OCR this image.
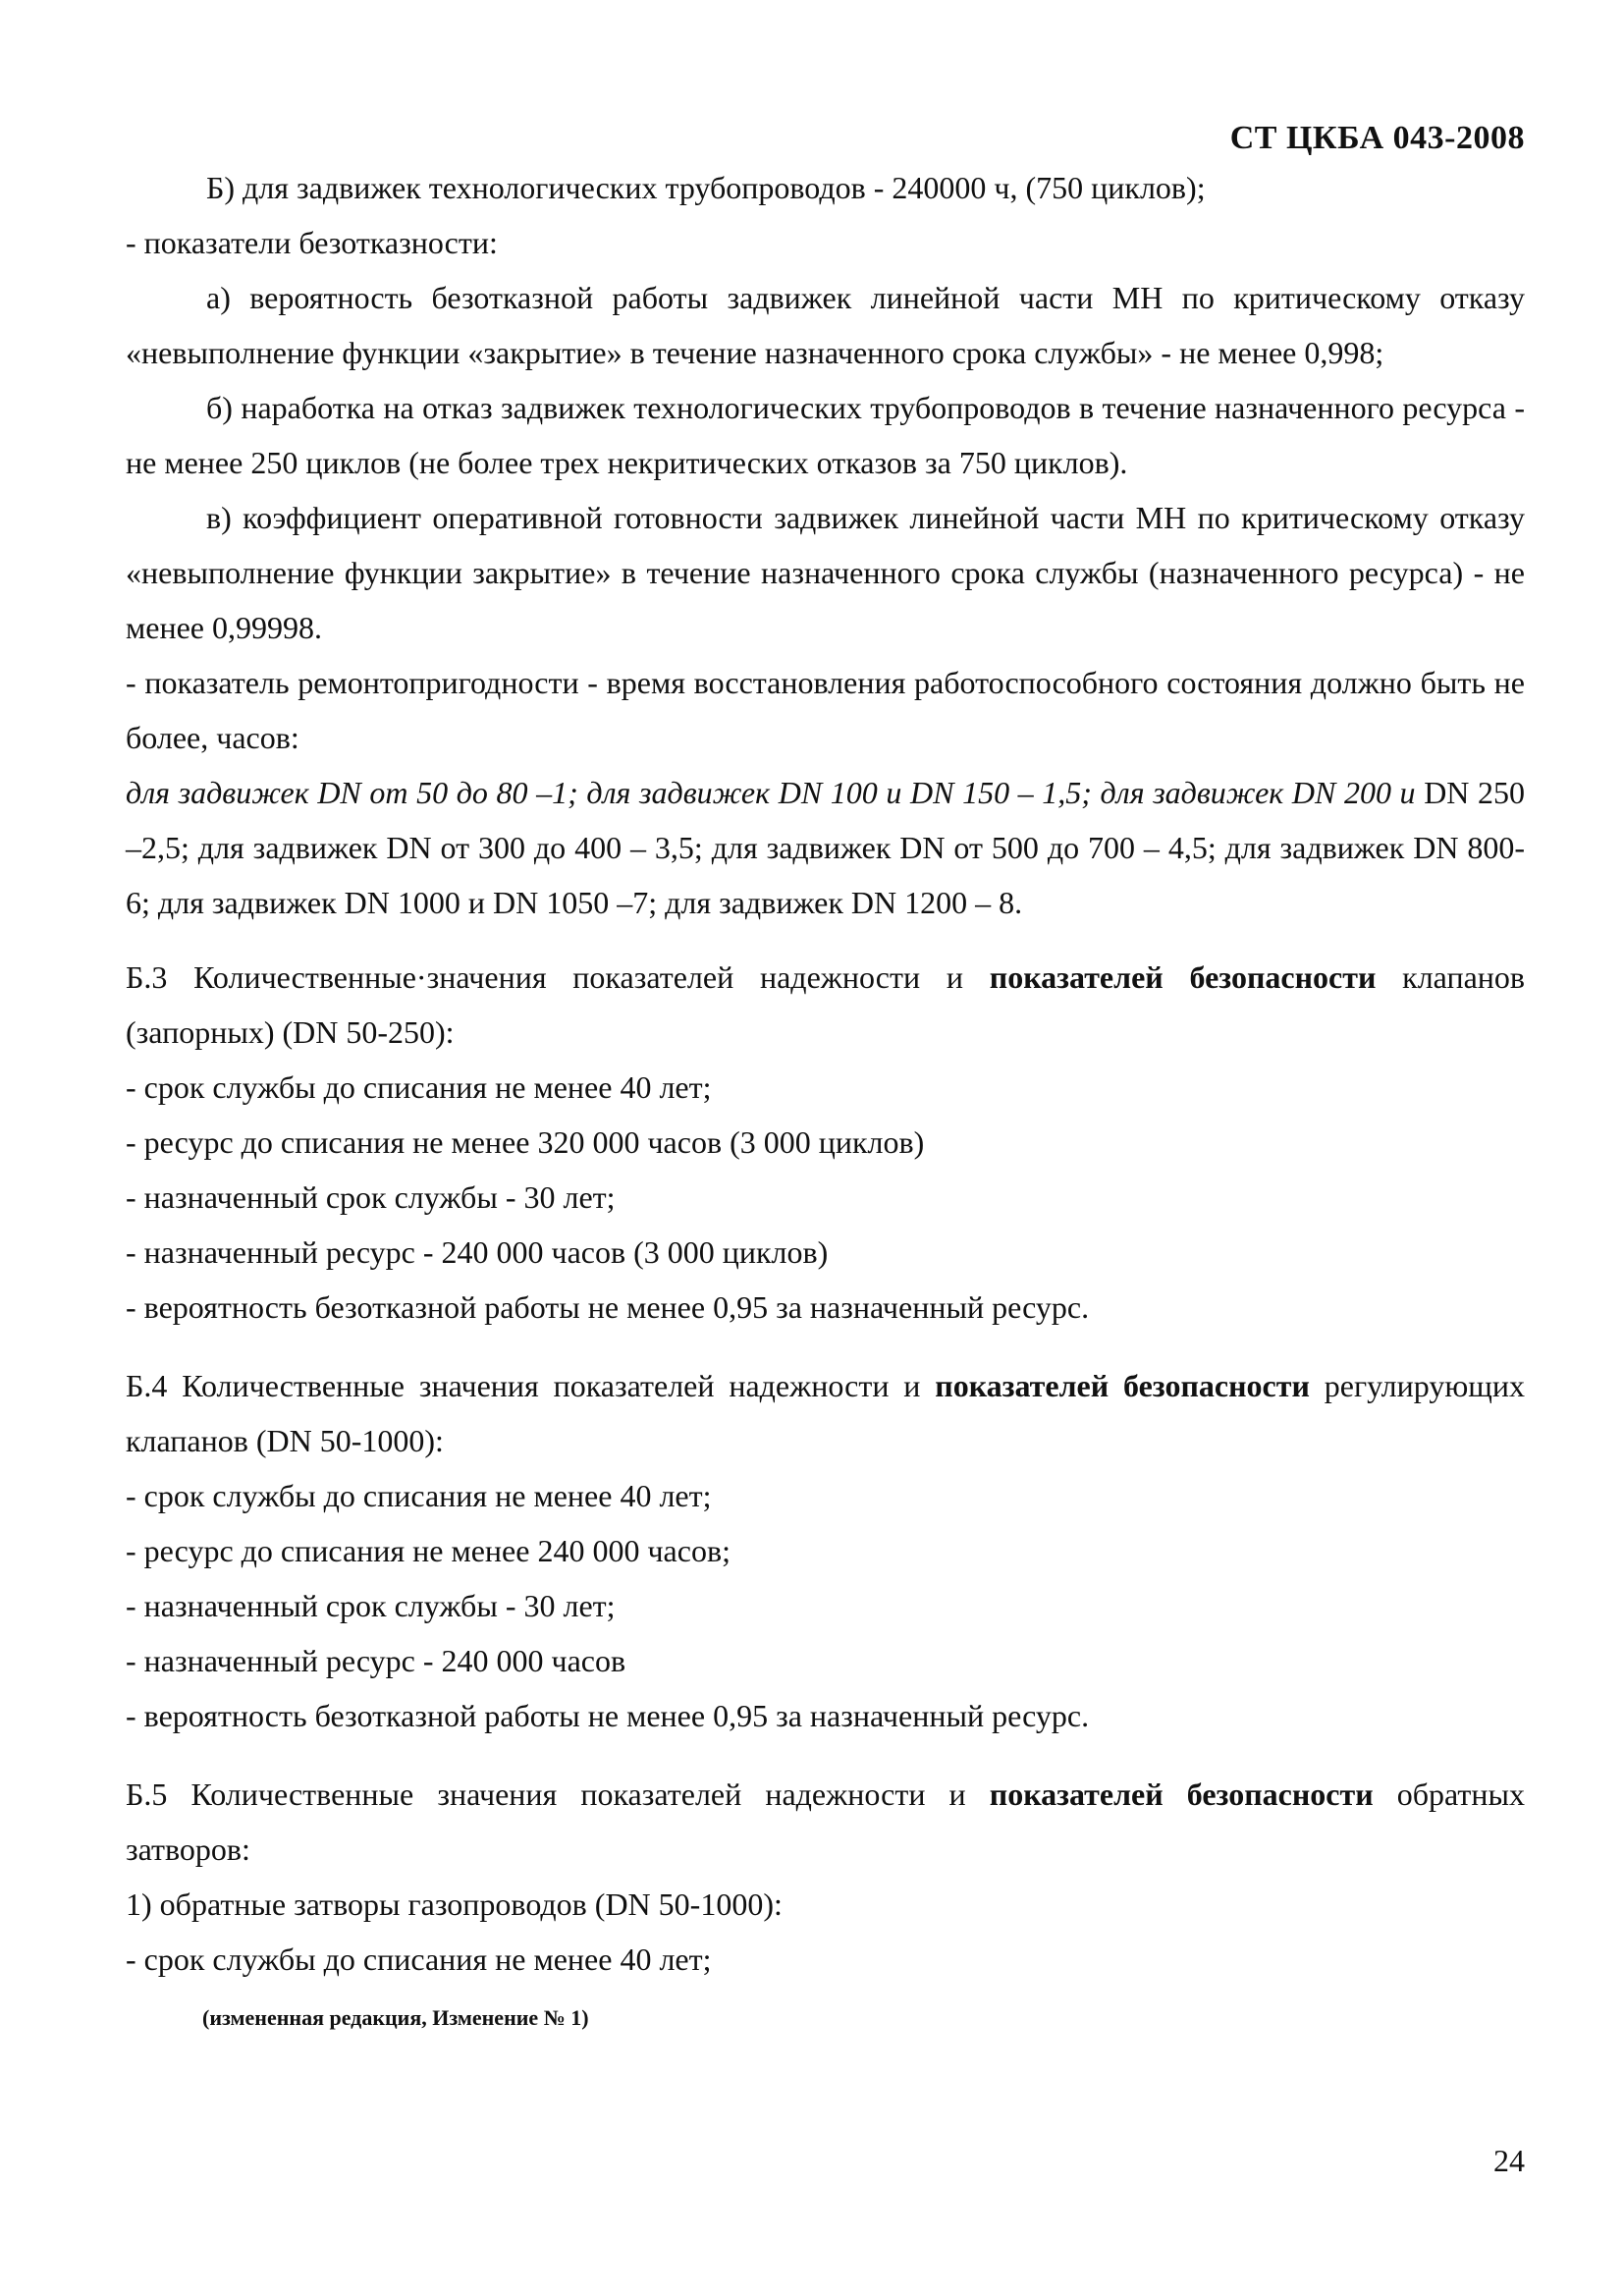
СТ ЦКБА 043-2008

Б) для задвижек технологических трубопроводов - 240000 ч, (750 циклов);

- показатели безотказности:

а) вероятность безотказной работы задвижек линейной части МН по критическому отказу «невыполнение функции «закрытие» в течение назначенного срока службы» - не менее 0,998;

б) наработка на отказ задвижек технологических трубопроводов в течение назначенного ресурса - не менее 250 циклов (не более трех некритических отказов за 750 циклов).

в) коэффициент оперативной готовности задвижек линейной части МН по критическому отказу «невыполнение функции закрытие» в течение назначенного срока службы (назначенного ресурса) - не менее 0,99998.

- показатель ремонтопригодности - время восстановления работоспособного состояния должно быть не более, часов:

для задвижек DN от 50 до 80 –1; для задвижек DN 100 и DN 150 – 1,5; для задвижек DN 200 и DN 250 –2,5; для задвижек DN от 300 до 400 – 3,5; для задвижек DN от 500 до 700 – 4,5; для задвижек DN 800- 6; для задвижек DN 1000 и DN 1050 –7; для задвижек DN 1200 – 8.

Б.3 Количественные·значения показателей надежности и показателей безопасности клапанов (запорных) (DN 50-250):

- срок службы до списания не менее 40 лет;

- ресурс до списания не менее 320 000 часов (3 000 циклов)

- назначенный срок службы - 30 лет;

- назначенный ресурс - 240 000 часов (3 000 циклов)

- вероятность безотказной работы не менее 0,95 за назначенный ресурс.

Б.4 Количественные значения показателей надежности и показателей безопасности регулирующих клапанов (DN 50-1000):

- срок службы до списания не менее 40 лет;

- ресурс до списания не менее 240 000 часов;

- назначенный срок службы - 30 лет;

- назначенный ресурс - 240 000 часов

- вероятность безотказной работы не менее 0,95 за назначенный ресурс.

Б.5 Количественные значения показателей надежности и показателей безопасности обратных затворов:

1) обратные затворы газопроводов (DN 50-1000):

- срок службы до списания не менее 40 лет;

(измененная редакция, Изменение № 1)

24
